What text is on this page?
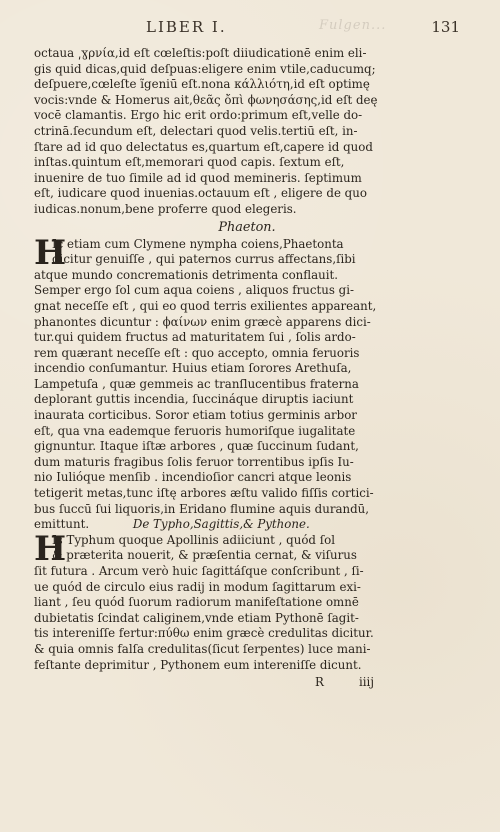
LIBER I.	Fulgen...	131
octaua ͵ɣρνία,id eſt cœleſtis:poſt diiudicationē enim eli-
gis quid dicas,quid deſpuas:eligere enim vtile,caducumq;
deſpuere,cœleſte ĩgeniū eſt.nona κάλλιότη,id eſt optimę
vocis:vnde & Homerus ait,θεᾶς ὄπὶ ϕωνησάσης,id eſt deę
vocē clamantis. Ergo hic erit ordo:primum eſt,velle do-
ctrinā.ſecundum eſt, delectari quod velis.tertiū eſt, in-
ſtare ad id quo delectatus es,quartum eſt,capere id quod
inſtas.quintum eſt,memorari quod capis. ſextum eſt,
inuenire de tuo ſimile ad id quod memineris. ſeptimum
eſt, iudicare quod inuenias.octauum eſt , eligere de quo
iudicas.nonum,bene proferre quod elegeris.
Phaeton.
H
Ic etiam cum Clymene nympha coiens,Phaetonta
dicitur genuiſſe , qui paternos currus affectans,ſibi
atque mundo concremationis detrimenta conflauit.
Semper ergo ſol cum aqua coiens , aliquos fructus gi-
gnat neceſſe eſt , qui eo quod terris exilientes appareant,
phanontes dicuntur : ϕαίνων enim græcè apparens dici-
tur.qui quidem fructus ad maturitatem ſui , ſolis ardo-
rem quærant neceſſe eſt : quo accepto, omnia feruoris
incendio conſumantur. Huius etiam ſorores Arethuſa,
Lampetuſa , quæ gemmeis ac tranſlucentibus fraterna
deplorant guttis incendia, ſuccináque diruptis iaciunt
inaurata corticibus. Soror etiam totius germinis arbor
eſt, qua vna eademque feruoris humoriſque iugalitate
gignuntur. Itaque iſtæ arbores , quæ ſuccinum ſudant,
dum maturis fragibus ſolis feruor torrentibus ipſis Iu-
nio Iulióque menſib . incendioſior cancri atque leonis
tetigerit metas,tunc iſtę arbores æſtu valido fiſſis cortici-
bus ſuccū ſui liquoris,in Eridano flumine aquis durandū,
emittunt.	De Typho,Sagittis,& Pythone.
H
Is Typhum quoque Apollinis adiiciunt , quód ſol
& præterita nouerit, & præſentia cernat, & viſurus
ſit futura . Arcum verò huic ſagittáſque conſcribunt , ſi-
ue quód de circulo eius radij in modum ſagittarum exi-
liant , ſeu quód ſuorum radiorum manifeſtatione omnē
dubietatis ſcindat caliginem,vnde etiam Pythonē ſagit-
tis intereniſſe fertur:πύθω enim græcè credulitas dicitur.
& quia omnis falſa credulitas(ſicut ſerpentes) luce mani-
feſtante deprimitur , Pythonem eum intereniſſe dicunt.
R	iiij
